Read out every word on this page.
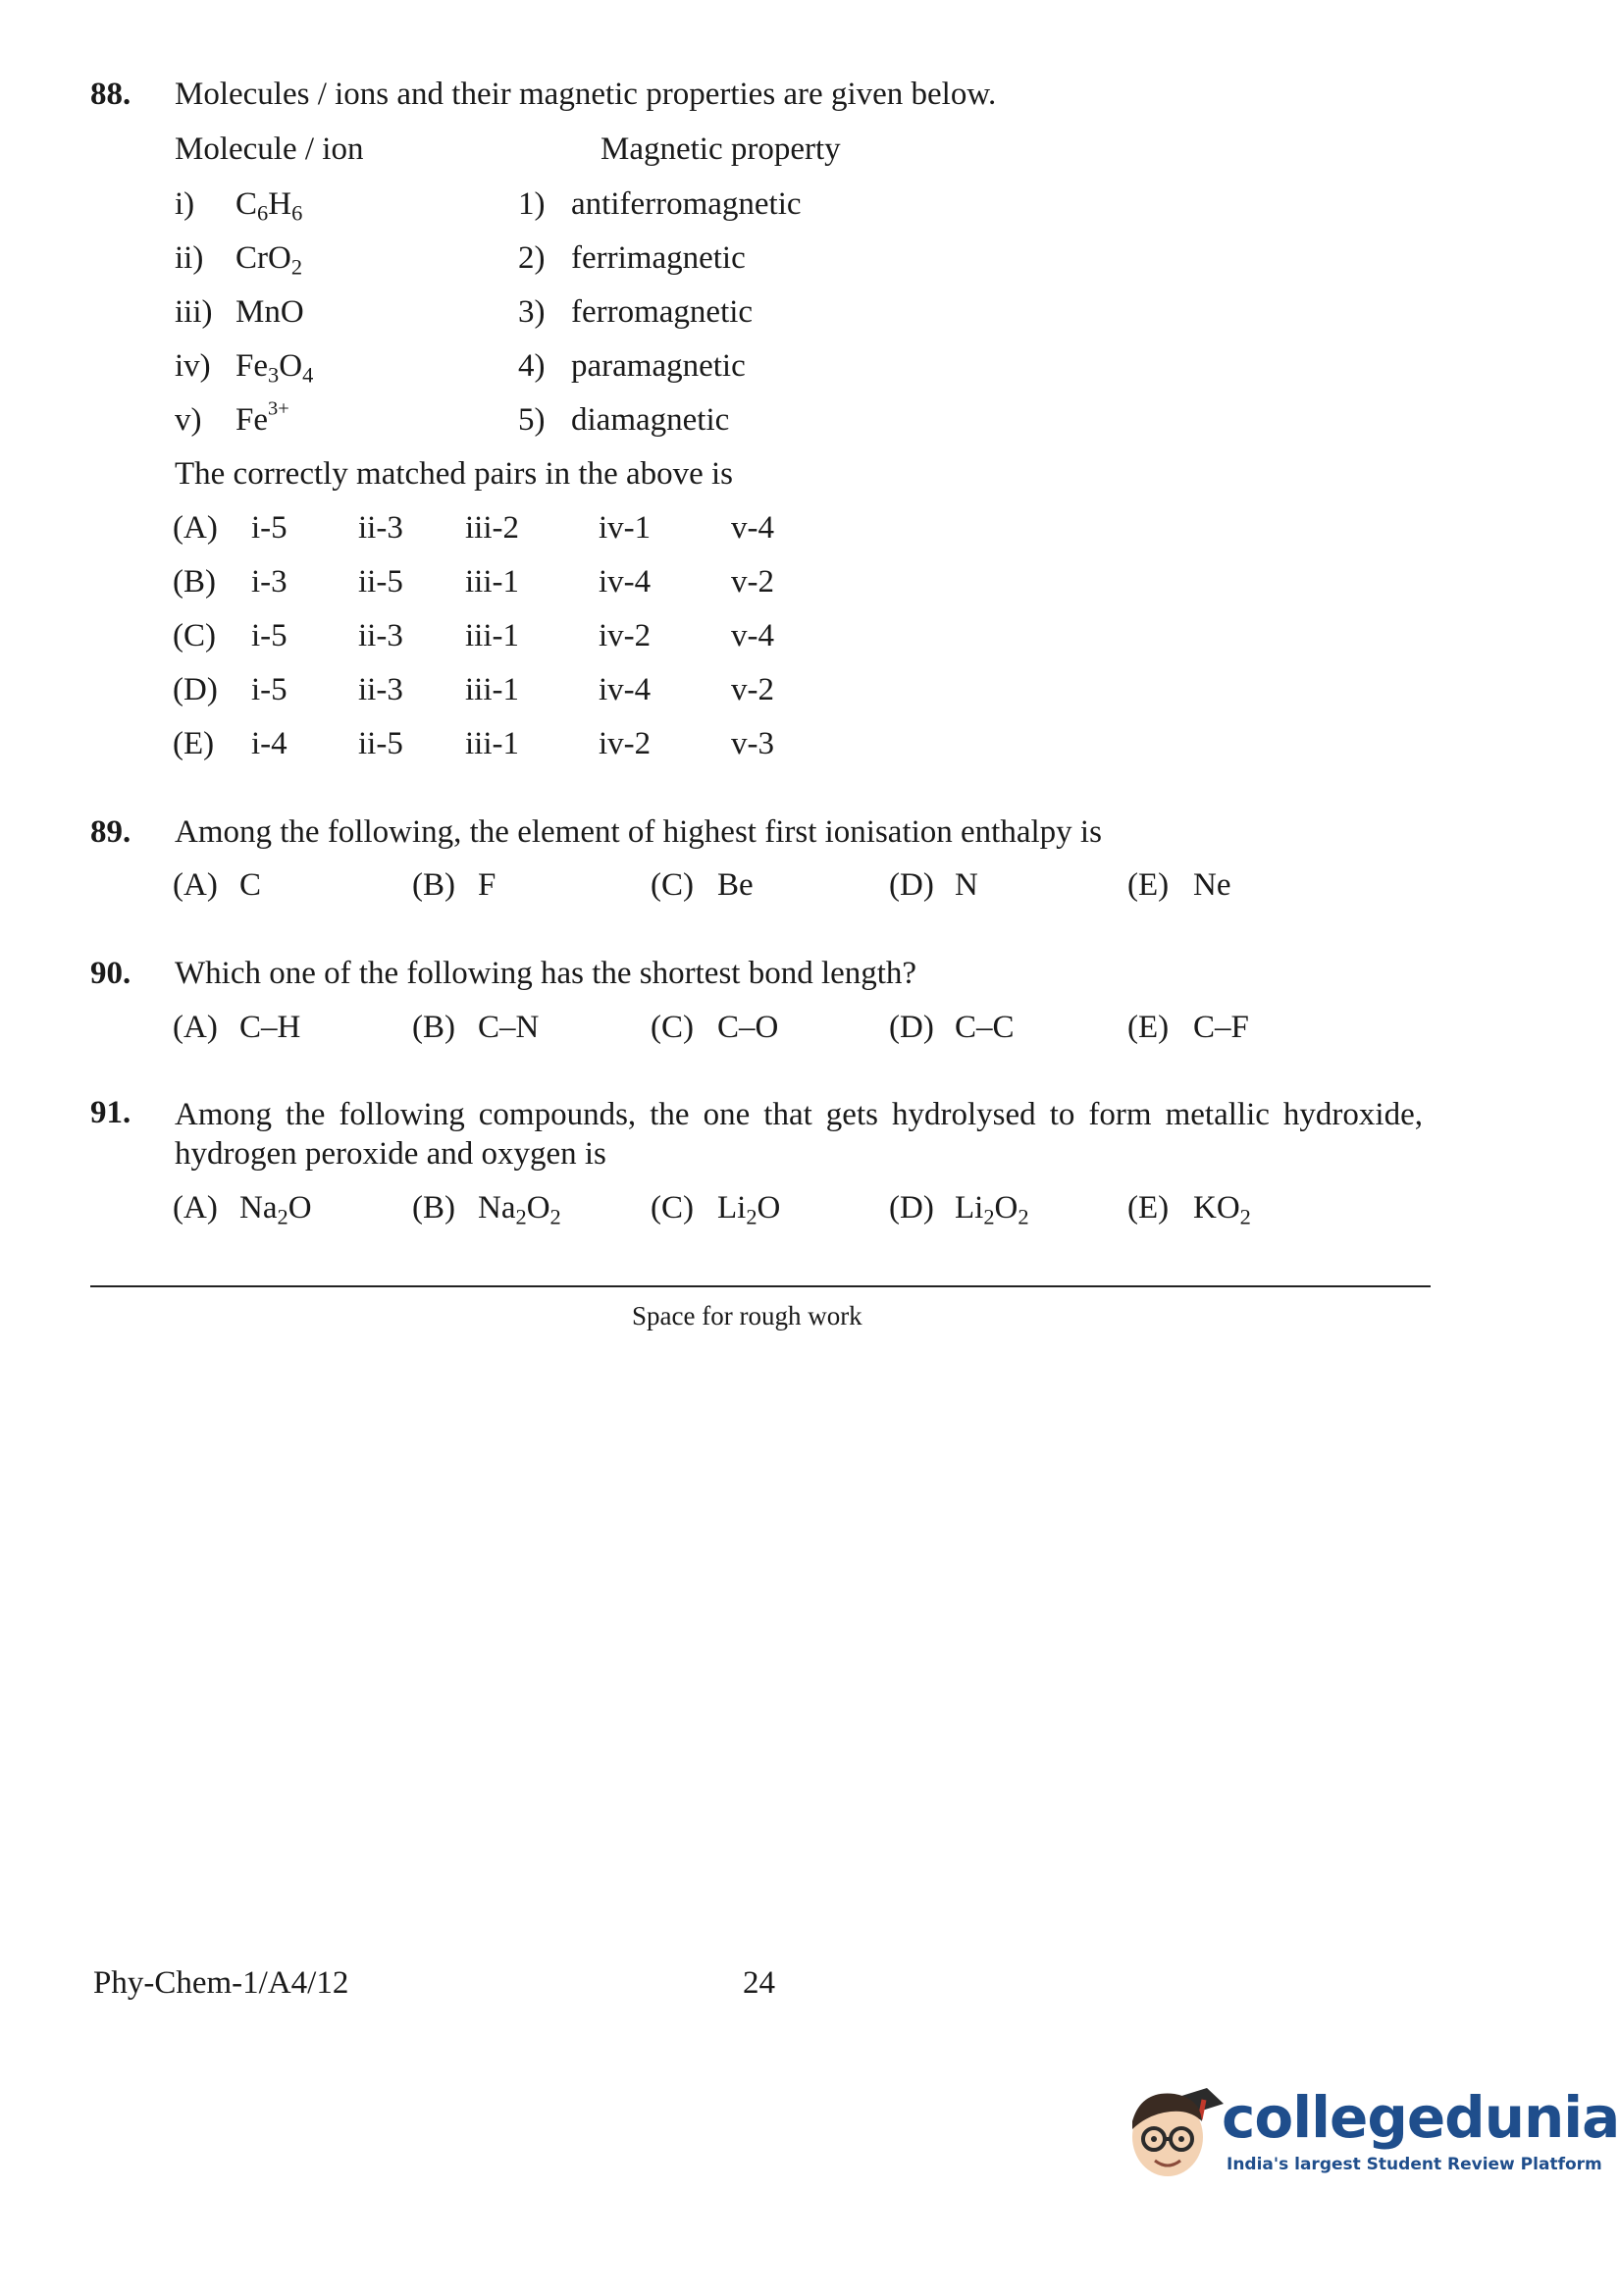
88. Molecules / ions and their magnetic properties are given below.
Molecule / ion	Magnetic property
i) $C_6H_6$	1) antiferromagnetic
ii) CrO$_2$	2) ferrimagnetic
iii) MnO	3) ferromagnetic
iv) $Fe_3O_4$	4) paramagnetic
v) $Fe^{3+}$	5) diamagnetic
The correctly matched pairs in the above is
(A) i-5 ii-3 iii-2 iv-1 v-4
(B) i-3 ii-5 iii-1 iv-4 v-2
(C) i-5 ii-3 iii-1 iv-2 v-4
(D) i-5 ii-3 iii-1 iv-4 v-2
(E) i-4 ii-5 iii-1 iv-2 v-3
89. Among the following, the element of highest first ionisation enthalpy is
(A) C	(B) F	(C) Be	(D) N	(E) Ne
90. Which one of the following has the shortest bond length?
(A) C–H	(B) C–N	(C) C–O	(D) C–C	(E) C–F
91. Among the following compounds, the one that gets hydrolysed to form metallic hydroxide, hydrogen peroxide and oxygen is
(A) $Na_2O$	(B) $Na_2O_2$	(C) $Li_2O$	(D) $Li_2O_2$	(E) $KO_2$
Space for rough work
Phy-Chem-1/A4/12	24
collegedunia
India's largest Student Review Platform
